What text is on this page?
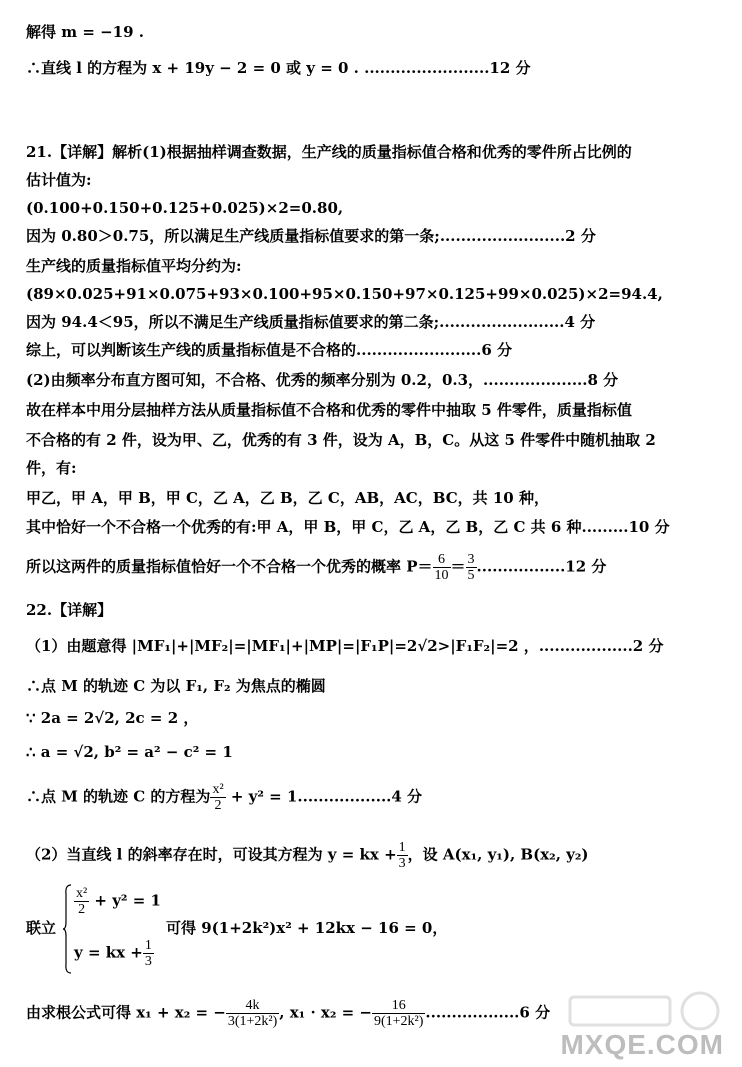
解得 m = −19 .
∴直线 l 的方程为 x + 19y − 2 = 0 或 y = 0 . ........................12 分
21.【详解】解析(1)根据抽样调查数据，生产线的质量指标值合格和优秀的零件所占比例的
估计值为:
(0.100+0.150+0.125+0.025)×2=0.80,
因为 0.80＞0.75，所以满足生产线质量指标值要求的第一条;........................2 分
生产线的质量指标值平均分约为:
(89×0.025+91×0.075+93×0.100+95×0.150+97×0.125+99×0.025)×2=94.4,
因为 94.4＜95，所以不满足生产线质量指标值要求的第二条;........................4 分
综上，可以判断该生产线的质量指标值是不合格的........................6 分
(2)由频率分布直方图可知，不合格、优秀的频率分别为 0.2，0.3，....................8 分
故在样本中用分层抽样方法从质量指标值不合格和优秀的零件中抽取 5 件零件，质量指标值
不合格的有 2 件，设为甲、乙，优秀的有 3 件，设为 A，B，C。从这 5 件零件中随机抽取 2
件，有:
甲乙，甲 A，甲 B，甲 C，乙 A，乙 B，乙 C，AB，AC，BC，共 10 种，
其中恰好一个不合格一个优秀的有:甲 A，甲 B，甲 C，乙 A，乙 B，乙 C 共 6 种.........10 分
所以这两件的质量指标值恰好一个不合格一个优秀的概率 $P= \frac{6}{10} = \frac{3}{5} .................12$ 分
22.【详解】
（1）由题意得 |MF₁|+|MF₂|=|MF₁|+|MP|=|F₁P|=2√2>|F₁F₂|=2 ，..................2 分
∴点 M 的轨迹 C 为以 F₁, F₂ 为焦点的椭圆
∵ 2a = 2√2, 2c = 2 ，
∴ a = √2, b² = a² − c² = 1
∴点 M 的轨迹 C 的方程为 $\frac{\text{x²}}{2} + y^2 = 1..................4$ 分
（2）当直线 l 的斜率存在时，可设其方程为 y = kx + $\frac{1}{3}$ ，设 A(x₁, y₁), B(x₂, y₂)
联立
$\frac{\text{x²}}{2} + y^2 = 1$
y = kx + $\frac{1}{3}$
可得 9(1+2k²)x² + 12kx − 16 = 0，
由求根公式可得 x₁ + x₂ = − $\frac{4k}{\text{3(1+2k²)}}$ , x₁ · x₂ = − $\frac{16}{\text{9(1+2k²)}} ..................6$ 分
MXQE.COM
